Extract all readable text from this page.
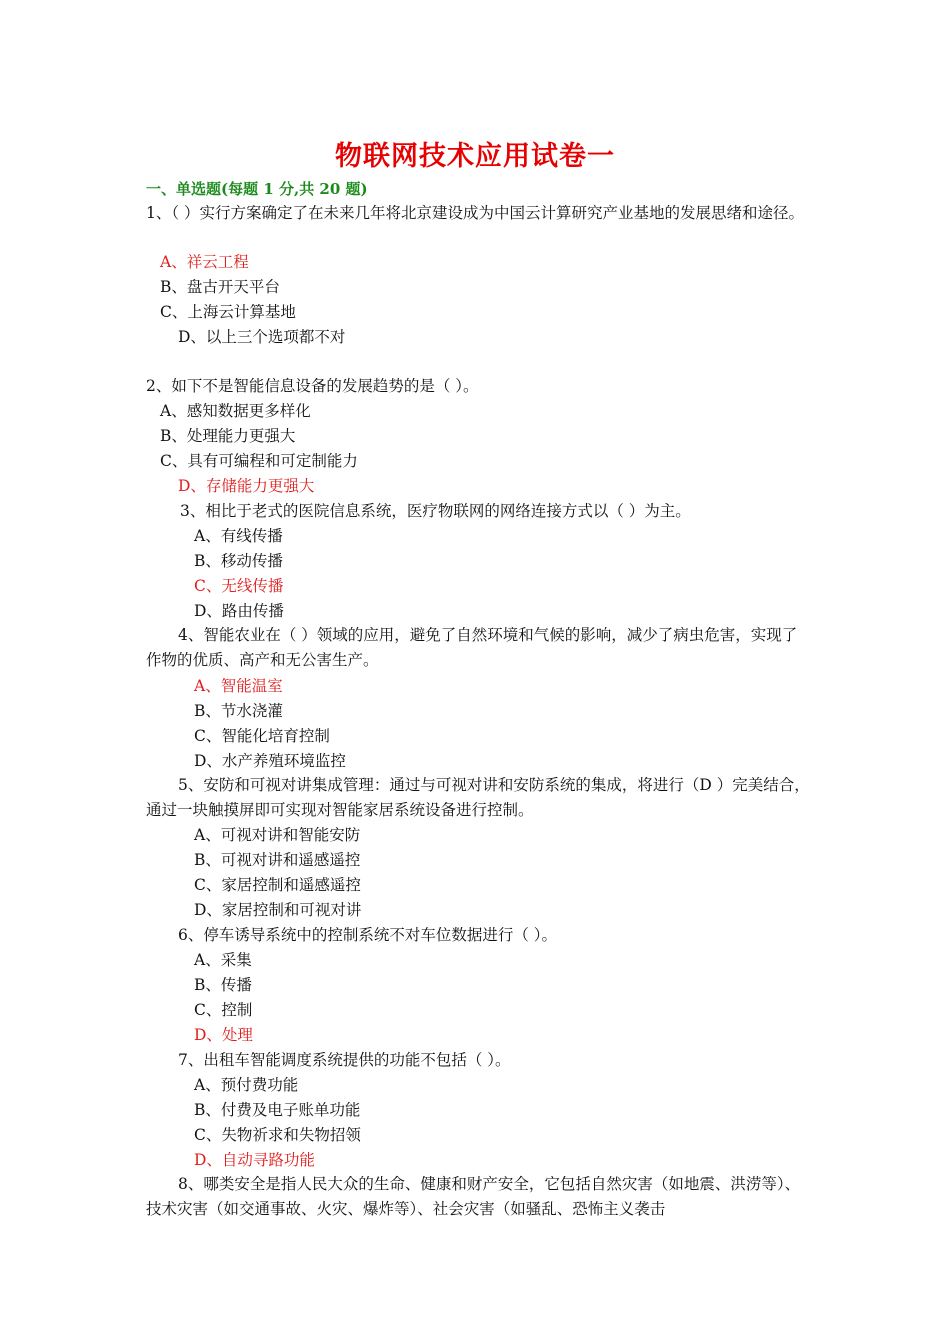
物联网技术应用试卷一
一、单选题(每题 1 分,共 20 题)
1、（ ）实行方案确定了在未来几年将北京建设成为中国云计算研究产业基地的发展思绪和途径。
A、祥云工程
B、盘古开天平台
C、上海云计算基地
D、以上三个选项都不对
2、如下不是智能信息设备的发展趋势的是（ ）。
A、感知数据更多样化
B、处理能力更强大
C、具有可编程和可定制能力
D、存储能力更强大
3、相比于老式的医院信息系统，医疗物联网的网络连接方式以（ ）为主。
A、有线传播
B、移动传播
C、无线传播
D、路由传播
4、智能农业在（ ）领域的应用，避免了自然环境和气候的影响，减少了病虫危害，实现了作物的优质、高产和无公害生产。
A、智能温室
B、节水浇灌
C、智能化培育控制
D、水产养殖环境监控
5、安防和可视对讲集成管理：通过与可视对讲和安防系统的集成，将进行（D ）完美结合，通过一块触摸屏即可实现对智能家居系统设备进行控制。
A、可视对讲和智能安防
B、可视对讲和遥感遥控
C、家居控制和遥感遥控
D、家居控制和可视对讲
6、停车诱导系统中的控制系统不对车位数据进行（ ）。
A、采集
B、传播
C、控制
D、处理
7、出租车智能调度系统提供的功能不包括（ ）。
A、预付费功能
B、付费及电子账单功能
C、失物祈求和失物招领
D、自动寻路功能
8、哪类安全是指人民大众的生命、健康和财产安全，它包括自然灾害（如地震、洪涝等）、技术灾害（如交通事故、火灾、爆炸等）、社会灾害（如骚乱、恐怖主义袭击
